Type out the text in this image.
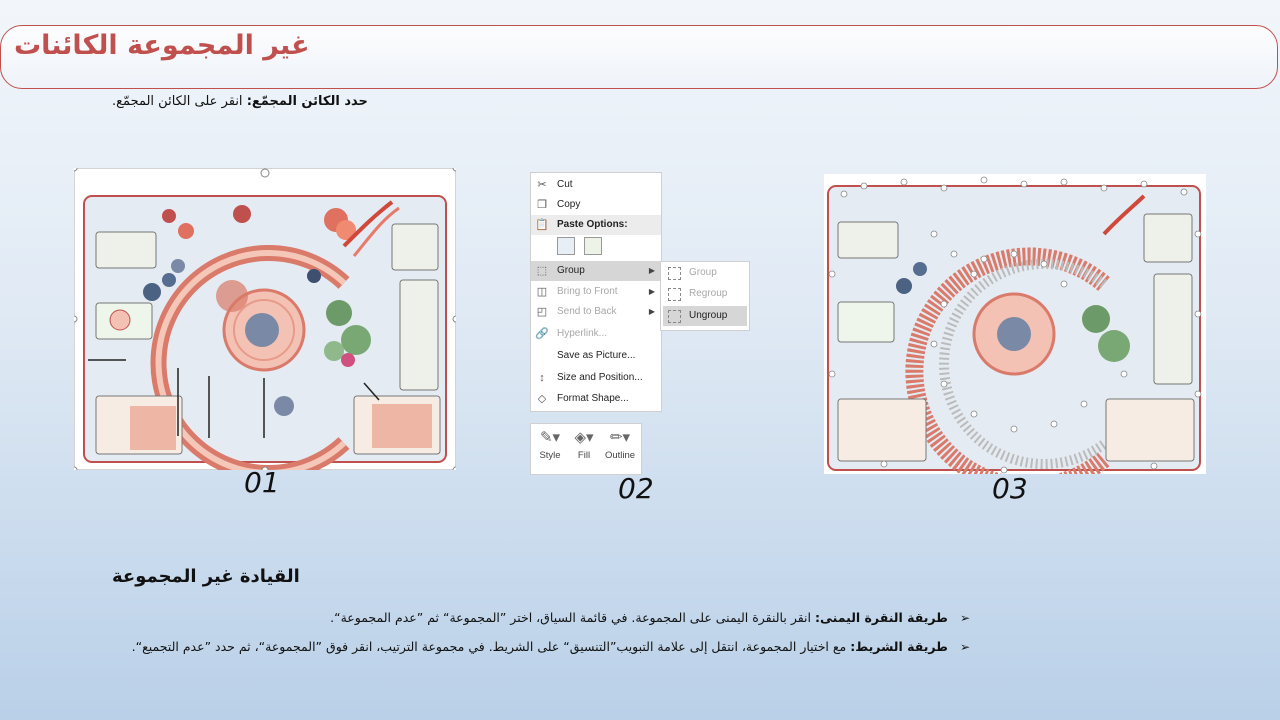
غير المجموعة الكائنات
حدد الكائن المجمّع: انقر على الكائن المجمّع.
✂ Cut
❐ Copy
📋 Paste Options:

⬚ Group	▶
◫ Bring to Front	▶
◰ Send to Back	▶
🔗 Hyperlink...
Save as Picture...
↕	Size and Position...
◇ Format Shape...
Group
Regroup
Ungroup
✎▾
Style
◈▾
Fill
✏▾
Outline
01	02	03
القيادة غير المجموعة
➢ طريقة النقرة اليمنى: انقر بالنقرة اليمنى على المجموعة. في قائمة السياق، اختر ”المجموعة“ ثم ”عدم المجموعة“.
➢ طريقة الشريط: مع اختيار المجموعة، انتقل إلى علامة التبويب”التنسيق“ على الشريط. في مجموعة الترتيب، انقر فوق ”المجموعة“، ثم حدد ”عدم التجميع“.
